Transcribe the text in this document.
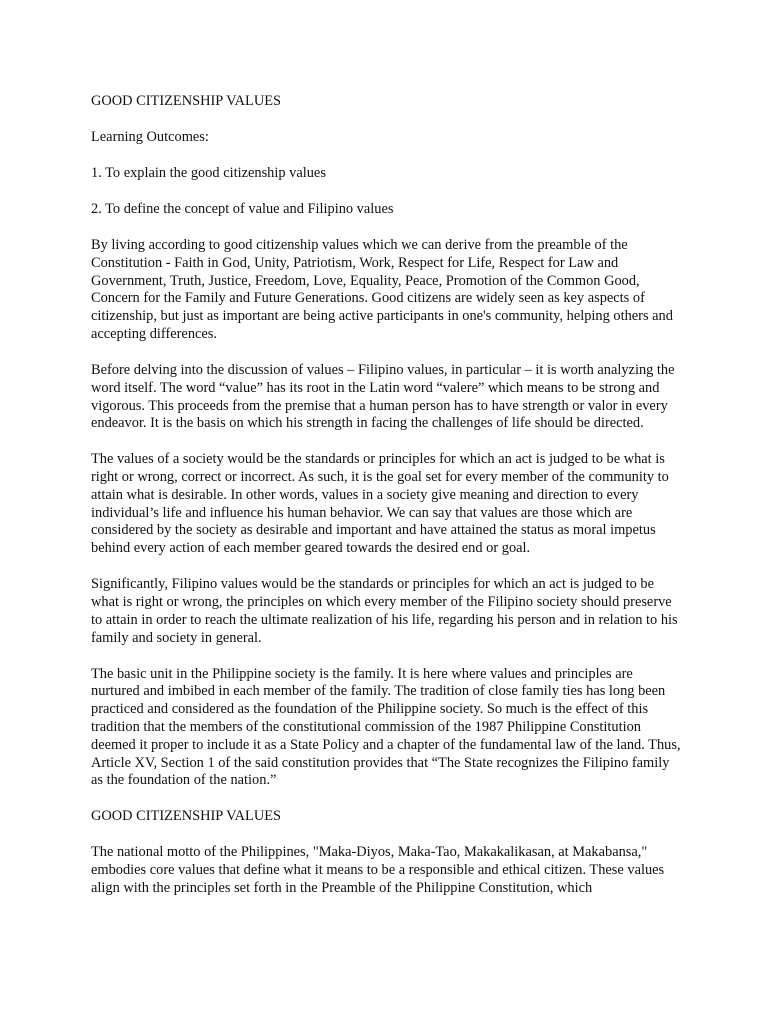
GOOD CITIZENSHIP VALUES

Learning Outcomes:

1. To explain the good citizenship values

2. To define the concept of value and Filipino values

By living according to good citizenship values which we can derive from the preamble of the Constitution - Faith in God, Unity, Patriotism, Work, Respect for Life, Respect for Law and Government, Truth, Justice, Freedom, Love, Equality, Peace, Promotion of the Common Good, Concern for the Family and Future Generations. Good citizens are widely seen as key aspects of citizenship, but just as important are being active participants in one's community, helping others and accepting differences.

Before delving into the discussion of values – Filipino values, in particular – it is worth analyzing the word itself. The word “value” has its root in the Latin word “valere” which means to be strong and vigorous. This proceeds from the premise that a human person has to have strength or valor in every endeavor. It is the basis on which his strength in facing the challenges of life should be directed.

The values of a society would be the standards or principles for which an act is judged to be what is right or wrong, correct or incorrect. As such, it is the goal set for every member of the community to attain what is desirable. In other words, values in a society give meaning and direction to every individual’s life and influence his human behavior. We can say that values are those which are considered by the society as desirable and important and have attained the status as moral impetus behind every action of each member geared towards the desired end or goal.

Significantly, Filipino values would be the standards or principles for which an act is judged to be what is right or wrong, the principles on which every member of the Filipino society should preserve to attain in order to reach the ultimate realization of his life, regarding his person and in relation to his family and society in general.

The basic unit in the Philippine society is the family. It is here where values and principles are nurtured and imbibed in each member of the family. The tradition of close family ties has long been practiced and considered as the foundation of the Philippine society. So much is the effect of this tradition that the members of the constitutional commission of the 1987 Philippine Constitution deemed it proper to include it as a State Policy and a chapter of the fundamental law of the land. Thus, Article XV, Section 1 of the said constitution provides that “The State recognizes the Filipino family as the foundation of the nation.”

GOOD CITIZENSHIP VALUES

The national motto of the Philippines, "Maka-Diyos, Maka-Tao, Makakalikasan, at Makabansa," embodies core values that define what it means to be a responsible and ethical citizen. These values align with the principles set forth in the Preamble of the Philippine Constitution, which
